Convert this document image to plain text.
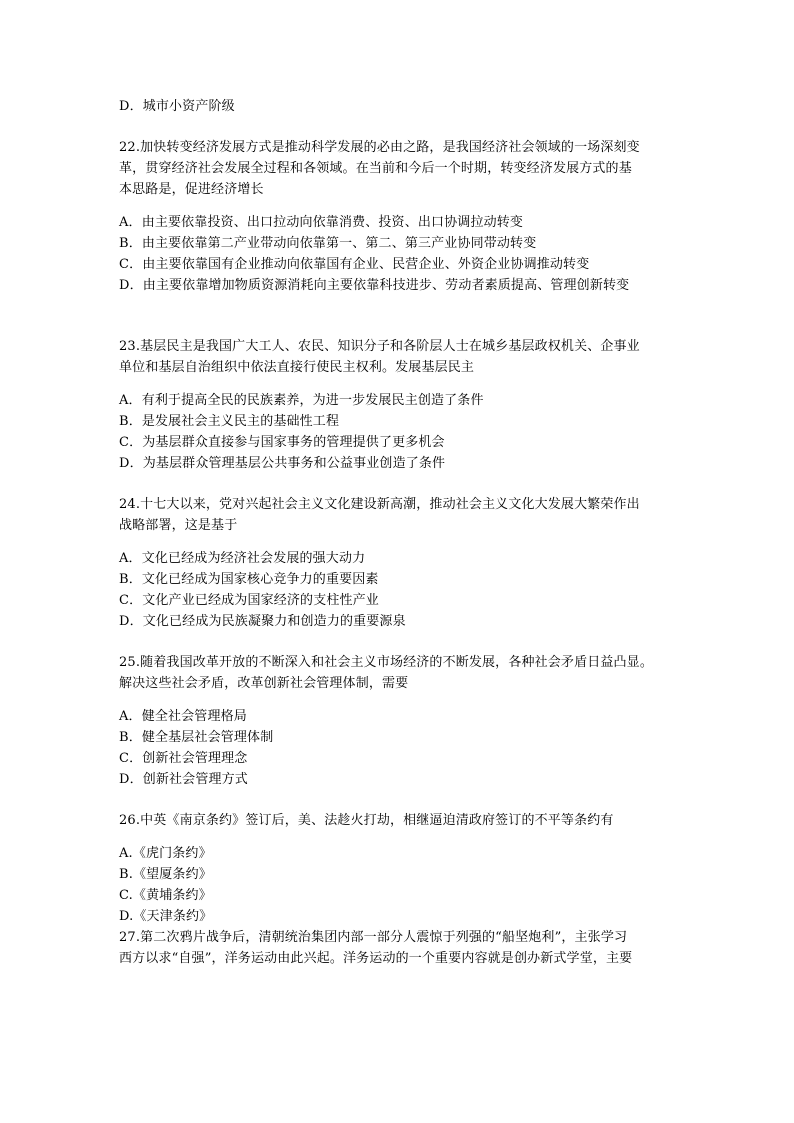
D．城市小资产阶级
22.加快转变经济发展方式是推动科学发展的必由之路，是我国经济社会领域的一场深刻变
革，贯穿经济社会发展全过程和各领域。在当前和今后一个时期，转变经济发展方式的基
本思路是，促进经济增长
A．由主要依靠投资、出口拉动向依靠消费、投资、出口协调拉动转变
B．由主要依靠第二产业带动向依靠第一、第二、第三产业协同带动转变
C．由主要依靠国有企业推动向依靠国有企业、民营企业、外资企业协调推动转变
D．由主要依靠增加物质资源消耗向主要依靠科技进步、劳动者素质提高、管理创新转变
23.基层民主是我国广大工人、农民、知识分子和各阶层人士在城乡基层政权机关、企事业
单位和基层自治组织中依法直接行使民主权利。发展基层民主
A．有利于提高全民的民族素养，为进一步发展民主创造了条件
B．是发展社会主义民主的基础性工程
C．为基层群众直接参与国家事务的管理提供了更多机会
D．为基层群众管理基层公共事务和公益事业创造了条件
24.十七大以来，党对兴起社会主义文化建设新高潮，推动社会主义文化大发展大繁荣作出
战略部署，这是基于
A．文化已经成为经济社会发展的强大动力
B．文化已经成为国家核心竞争力的重要因素
C．文化产业已经成为国家经济的支柱性产业
D．文化已经成为民族凝聚力和创造力的重要源泉
25.随着我国改革开放的不断深入和社会主义市场经济的不断发展，各种社会矛盾日益凸显。
解决这些社会矛盾，改革创新社会管理体制，需要
A．健全社会管理格局
B．健全基层社会管理体制
C．创新社会管理理念
D．创新社会管理方式
26.中英《南京条约》签订后，美、法趁火打劫，相继逼迫清政府签订的不平等条约有
A.《虎门条约》
B.《望厦条约》
C.《黄埔条约》
D.《天津条约》
27.第二次鸦片战争后，清朝统治集团内部一部分人震惊于列强的“船坚炮利”，主张学习
西方以求“自强”，洋务运动由此兴起。洋务运动的一个重要内容就是创办新式学堂，主要
